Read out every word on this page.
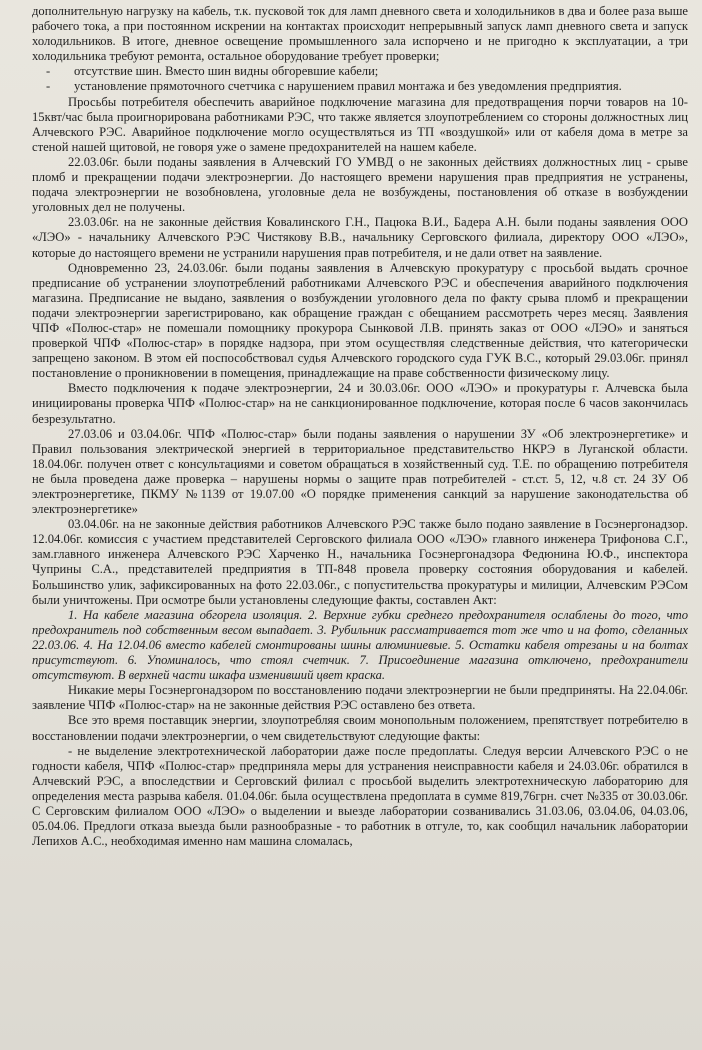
дополнительную нагрузку на кабель, т.к. пусковой ток для ламп дневного света и холодильников в два и более раза выше рабочего тока, а при постоянном искрении на контактах происходит непрерывный запуск ламп дневного света и запуск холодильников. В итоге, дневное освещение промышленного зала испорчено и не пригодно к эксплуатации, а три холодильника требуют ремонта, остальное оборудование требует проверки;

-	отсутствие шин. Вместо шин видны обгоревшие кабели;
-	установление прямоточного счетчика с нарушением правил монтажа и без уведомления предприятия.

Просьбы потребителя обеспечить аварийное подключение магазина для предотвращения порчи товаров на 10-15квт/час была проигнорирована работниками РЭС, что также является злоупотреблением со стороны должностных лиц Алчевского РЭС. Аварийное подключение могло осуществляться из ТП «воздушкой» или от кабеля дома в метре за стеной нашей щитовой, не говоря уже о замене предохранителей на нашем кабеле.

22.03.06г. были поданы заявления в Алчевский ГО УМВД о не законных действиях должностных лиц - срыве пломб и прекращении подачи электроэнергии. До настоящего времени нарушения прав предприятия не устранены, подача электроэнергии не возобновлена, уголовные дела не возбуждены, постановления об отказе в возбуждении уголовных дел не получены.

23.03.06г. на не законные действия Ковалинского Г.Н., Пацюка В.И., Бадера А.Н. были поданы заявления ООО «ЛЭО» - начальнику Алчевского РЭС Чистякову В.В., начальнику Серговского филиала, директору ООО «ЛЭО», которые до настоящего времени не устранили нарушения прав потребителя, и не дали ответ на заявление.

Одновременно 23, 24.03.06г. были поданы заявления в Алчевскую прокуратуру с просьбой выдать срочное предписание об устранении злоупотреблений работниками Алчевского РЭС и обеспечения аварийного подключения магазина. Предписание не выдано, заявления о возбуждении уголовного дела по факту срыва пломб и прекращении подачи электроэнергии зарегистрировано, как обращение граждан с обещанием рассмотреть через месяц. Заявления ЧПФ «Полюс-стар» не помешали помощнику прокурора Сынковой Л.В. принять заказ от ООО «ЛЭО» и заняться проверкой ЧПФ «Полюс-стар» в порядке надзора, при этом осуществляя следственные действия, что категорически запрещено законом. В этом ей поспособствовал судья Алчевского городского суда ГУК В.С., который 29.03.06г. принял постановление о проникновении в помещения, принадлежащие на праве собственности физическому лицу.

Вместо подключения к подаче электроэнергии, 24 и 30.03.06г. ООО «ЛЭО» и прокуратуры г. Алчевска была инициированы проверка ЧПФ «Полюс-стар» на не санкционированное подключение, которая после 6 часов закончилась безрезультатно.

27.03.06 и 03.04.06г. ЧПФ «Полюс-стар» были поданы заявления о нарушении ЗУ «Об электроэнергетике» и Правил пользования электрической энергией в территориальное представительство НКРЭ в Луганской области. 18.04.06г. получен ответ с консультациями и советом обращаться в хозяйственный суд. Т.Е. по обращению потребителя не была проведена даже проверка – нарушены нормы о защите прав потребителей - ст.ст. 5, 12, ч.8 ст. 24 ЗУ Об электроэнергетике, ПКМУ №1139 от 19.07.00 «О порядке применения санкций за нарушение законодательства об электроэнергетике»

03.04.06г. на не законные действия работников Алчевского РЭС также было подано заявление в Госэнергонадзор. 12.04.06г. комиссия с участием представителей Серговского филиала ООО «ЛЭО» главного инженера Трифонова С.Г., зам.главного инженера Алчевского РЭС Харченко Н., начальника Госэнергонадзора Федюнина Ю.Ф., инспектора Чуприны С.А., представителей предприятия в ТП-848 провела проверку состояния оборудования и кабелей. Большинство улик, зафиксированных на фото 22.03.06г., с попустительства прокуратуры и милиции, Алчевским РЭСом были уничтожены. При осмотре были установлены следующие факты, составлен Акт:

1. На кабеле магазина обгорела изоляция. 2. Верхние губки среднего предохранителя ослаблены до того, что предохранитель под собственным весом выпадает. 3. Рубильник рассматривается тот же что и на фото, сделанных 22.03.06. 4. На 12.04.06 вместо кабелей смонтированы шины алюминиевые. 5. Остатки кабеля отрезаны и на болтах присутствуют. 6. Упоминалось, что стоял счетчик. 7. Присоединение магазина отключено, предохранители отсутствуют. В верхней части шкафа изменивший цвет краска.

Никакие меры Госэнергонадзором по восстановлению подачи электроэнергии не были предприняты. На 22.04.06г. заявление ЧПФ «Полюс-стар» на не законные действия РЭС оставлено без ответа.

Все это время поставщик энергии, злоупотребляя своим монопольным положением, препятствует потребителю в восстановлении подачи электроэнергии, о чем свидетельствуют следующие факты:

- не выделение электротехнической лаборатории даже после предоплаты. Следуя версии Алчевского РЭС о не годности кабеля, ЧПФ «Полюс-стар» предприняла меры для устранения неисправности кабеля и 24.03.06г. обратился в Алчевский РЭС, а впоследствии и Серговский филиал с просьбой выделить электротехническую лабораторию для определения места разрыва кабеля. 01.04.06г. была осуществлена предоплата в сумме 819,76грн. счет №335 от 30.03.06г. С Серговским филиалом ООО «ЛЭО» о выделении и выезде лаборатории созванивались 31.03.06, 03.04.06, 04.03.06, 05.04.06. Предлоги отказа выезда были разнообразные - то работник в отгуле, то, как сообщил начальник лаборатории Лепихов А.С., необходимая именно нам машина сломалась,
